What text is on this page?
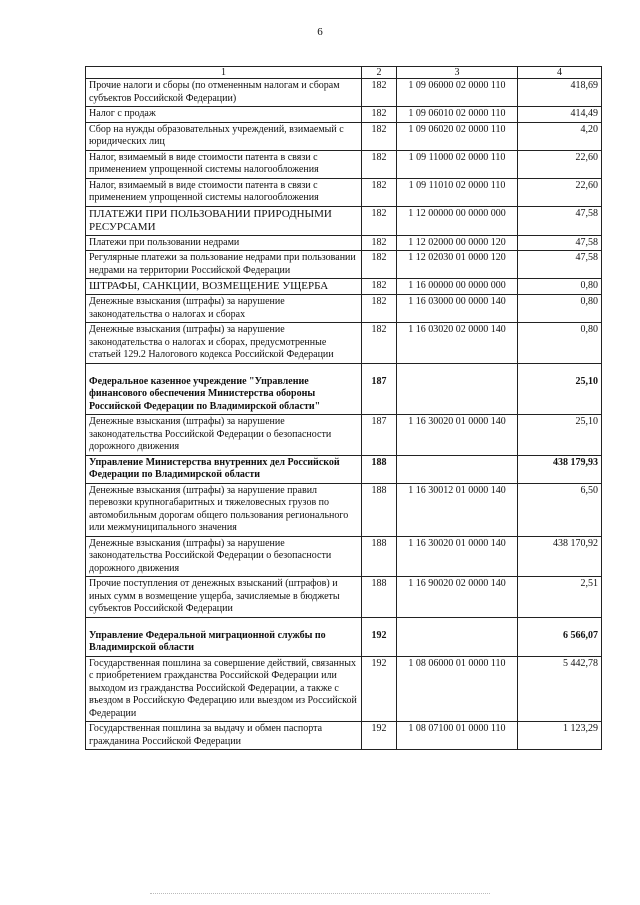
6
1	2	3	4
Прочие налоги и сборы (по отмененным налогам и сборам субъектов Российской Федерации)	182	1 09 06000 02 0000 110	418,69
Налог с продаж	182	1 09 06010 02 0000 110	414,49
Сбор на нужды образовательных учреждений, взимаемый с юридических лиц	182	1 09 06020 02 0000 110	4,20
Налог, взимаемый в виде стоимости патента в связи с применением упрощенной системы налогообложения	182	1 09 11000 02 0000 110	22,60
Налог, взимаемый в виде стоимости патента в связи с применением упрощенной системы налогообложения	182	1 09 11010 02 0000 110	22,60
ПЛАТЕЖИ ПРИ ПОЛЬЗОВАНИИ ПРИРОДНЫМИ РЕСУРСАМИ	182	1 12 00000 00 0000 000	47,58
Платежи при пользовании недрами	182	1 12 02000 00 0000 120	47,58
Регулярные платежи за пользование недрами при пользовании недрами на территории Российской Федерации	182	1 12 02030 01 0000 120	47,58
ШТРАФЫ, САНКЦИИ, ВОЗМЕЩЕНИЕ УЩЕРБА	182	1 16 00000 00 0000 000	0,80
Денежные взыскания (штрафы) за нарушение законодательства о налогах и сборах	182	1 16 03000 00 0000 140	0,80
Денежные взыскания (штрафы) за нарушение законодательства о налогах и сборах, предусмотренные статьей 129.2 Налогового кодекса Российской Федерации	182	1 16 03020 02 0000 140	0,80

Федеральное казенное учреждение "Управление финансового обеспечения Министерства обороны Российской Федерации по Владимирской области"	187		25,10
Денежные взыскания (штрафы) за нарушение законодательства Российской Федерации о безопасности дорожного движения	187	1 16 30020 01 0000 140	25,10
Управление Министерства внутренних дел Российской Федерации по Владимирской области	188		438 179,93
Денежные взыскания (штрафы) за нарушение правил перевозки крупногабаритных и тяжеловесных грузов по автомобильным дорогам общего пользования регионального или межмуниципального значения	188	1 16 30012 01 0000 140	6,50
Денежные взыскания (штрафы) за нарушение законодательства Российской Федерации о безопасности дорожного движения	188	1 16 30020 01 0000 140	438 170,92
Прочие поступления от денежных взысканий (штрафов) и иных сумм в возмещение ущерба, зачисляемые в бюджеты субъектов Российской Федерации	188	1 16 90020 02 0000 140	2,51

Управление Федеральной миграционной службы по Владимирской области	192		6 566,07
Государственная пошлина за совершение действий, связанных с приобретением гражданства Российской Федерации или выходом из гражданства Российской Федерации, а также с въездом в Российскую Федерацию или выездом из Российской Федерации	192	1 08 06000 01 0000 110	5 442,78
Государственная пошлина за выдачу и обмен паспорта гражданина Российской Федерации	192	1 08 07100 01 0000 110	1 123,29
